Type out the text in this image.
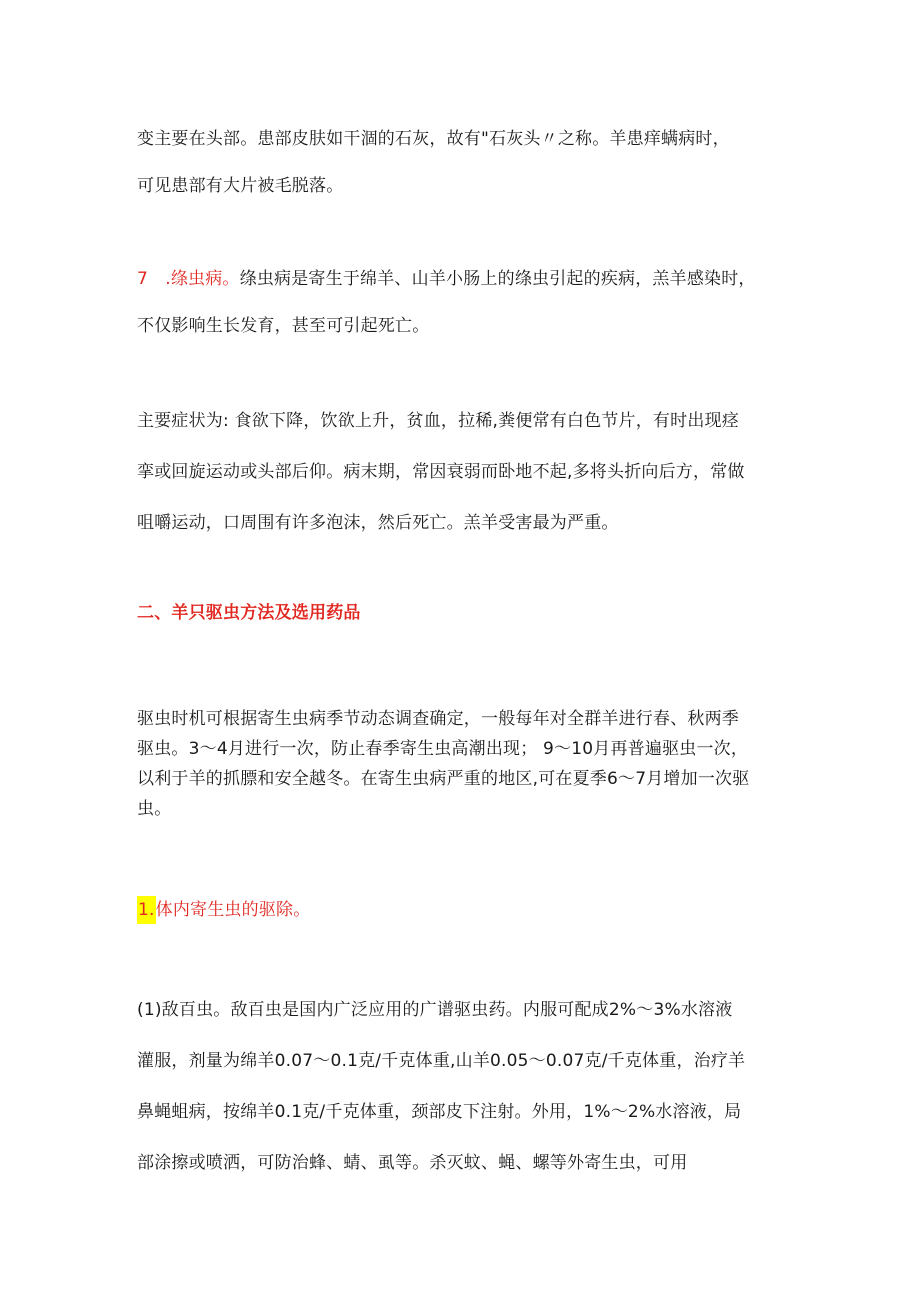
变主要在头部。患部皮肤如干涸的石灰，故有"石灰头〃之称。羊患痒螨病时，
可见患部有大片被毛脱落。
7　.绦虫病。绦虫病是寄生于绵羊、山羊小肠上的绦虫引起的疾病，羔羊感染时，
不仅影响生长发育，甚至可引起死亡。
主要症状为: 食欲下降，饮欲上升，贫血，拉稀,粪便常有白色节片，有时出现痉
挛或回旋运动或头部后仰。病末期，常因衰弱而卧地不起,多将头折向后方，常做
咀嚼运动，口周围有许多泡沫，然后死亡。羔羊受害最为严重。
二、羊只驱虫方法及选用药品
驱虫时机可根据寄生虫病季节动态调查确定，一般每年对全群羊进行春、秋两季
驱虫。3～4月进行一次，防止春季寄生虫高潮出现； 9～10月再普遍驱虫一次，
以利于羊的抓膘和安全越冬。在寄生虫病严重的地区,可在夏季6～7月增加一次驱
虫。
1.体内寄生虫的驱除。
(1)敌百虫。敌百虫是国内广泛应用的广谱驱虫药。内服可配成2%～3%水溶液
灌服，剂量为绵羊0.07～0.1克/千克体重,山羊0.05～0.07克/千克体重，治疗羊
鼻蝇蛆病，按绵羊0.1克/千克体重，颈部皮下注射。外用，1%～2%水溶液，局
部涂擦或喷洒，可防治蜂、蜻、虱等。杀灭蚊、蝇、螺等外寄生虫，可用
